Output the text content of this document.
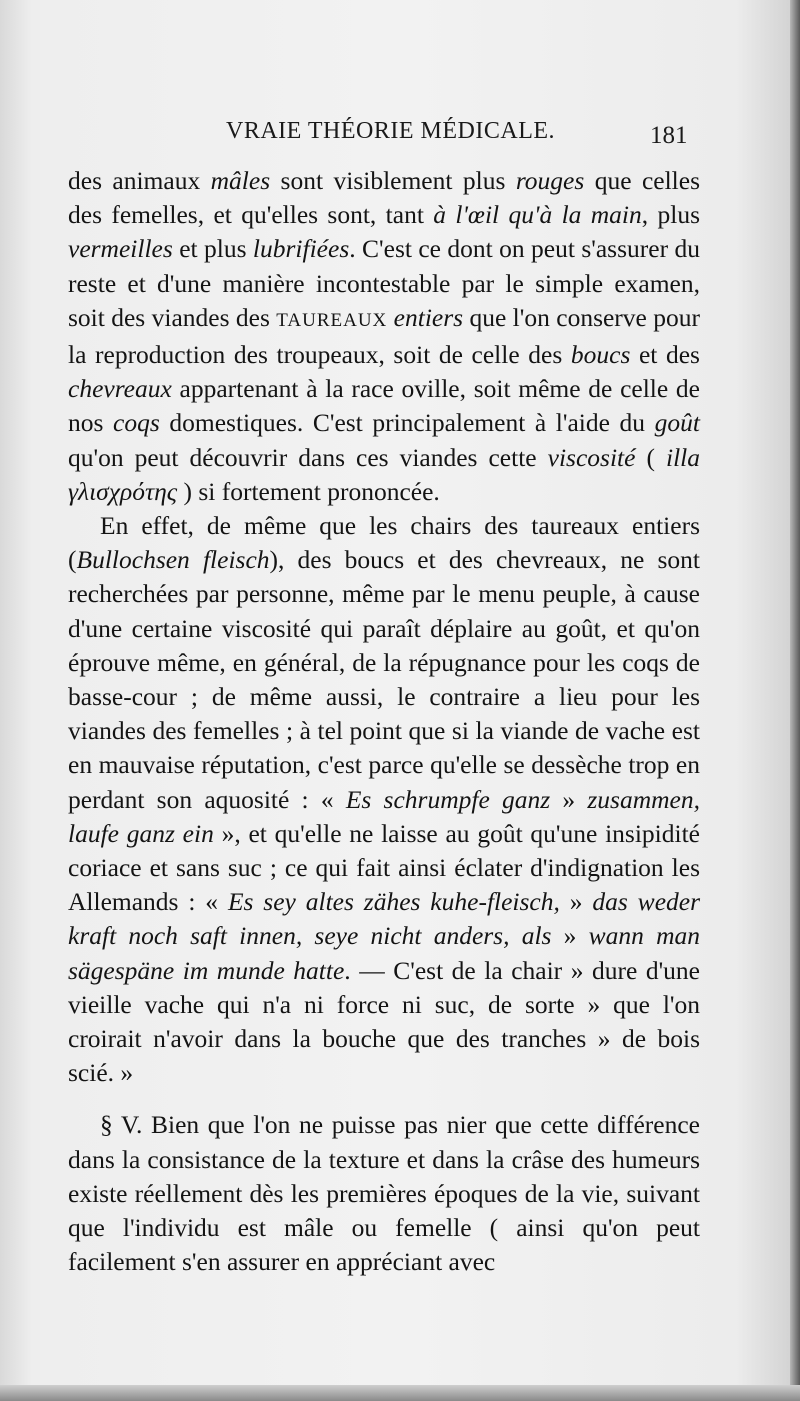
VRAIE THÉORIE MÉDICALE.	181

des animaux mâles sont visiblement plus rouges que celles des femelles, et qu'elles sont, tant à l'œil qu'à la main, plus vermeilles et plus lubrifiées. C'est ce dont on peut s'assurer du reste et d'une manière incontestable par le simple examen, soit des viandes des TAUREAUX entiers que l'on conserve pour la reproduction des troupeaux, soit de celle des boucs et des chevreaux appartenant à la race oville, soit même de celle de nos coqs domestiques. C'est principalement à l'aide du goût qu'on peut découvrir dans ces viandes cette viscosité ( illa γλισχρότης ) si fortement prononcée.

En effet, de même que les chairs des taureaux entiers (Bullochsen fleisch), des boucs et des chevreaux, ne sont recherchées par personne, même par le menu peuple, à cause d'une certaine viscosité qui paraît déplaire au goût, et qu'on éprouve même, en général, de la répugnance pour les coqs de basse-cour ; de même aussi, le contraire a lieu pour les viandes des femelles ; à tel point que si la viande de vache est en mauvaise réputation, c'est parce qu'elle se dessèche trop en perdant son aquosité : « Es schrumpfe ganz » zusammen, laufe ganz ein », et qu'elle ne laisse au goût qu'une insipidité coriace et sans suc ; ce qui fait ainsi éclater d'indignation les Allemands : « Es sey altes zähes kuhe-fleisch, » das weder kraft noch saft innen, seye nicht anders, als » wann man sägespäne im munde hatte. — C'est de la chair » dure d'une vieille vache qui n'a ni force ni suc, de sorte » que l'on croirait n'avoir dans la bouche que des tranches » de bois scié. »

§ V. Bien que l'on ne puisse pas nier que cette différence dans la consistance de la texture et dans la crâse des humeurs existe réellement dès les premières époques de la vie, suivant que l'individu est mâle ou femelle ( ainsi qu'on peut facilement s'en assurer en appréciant avec
